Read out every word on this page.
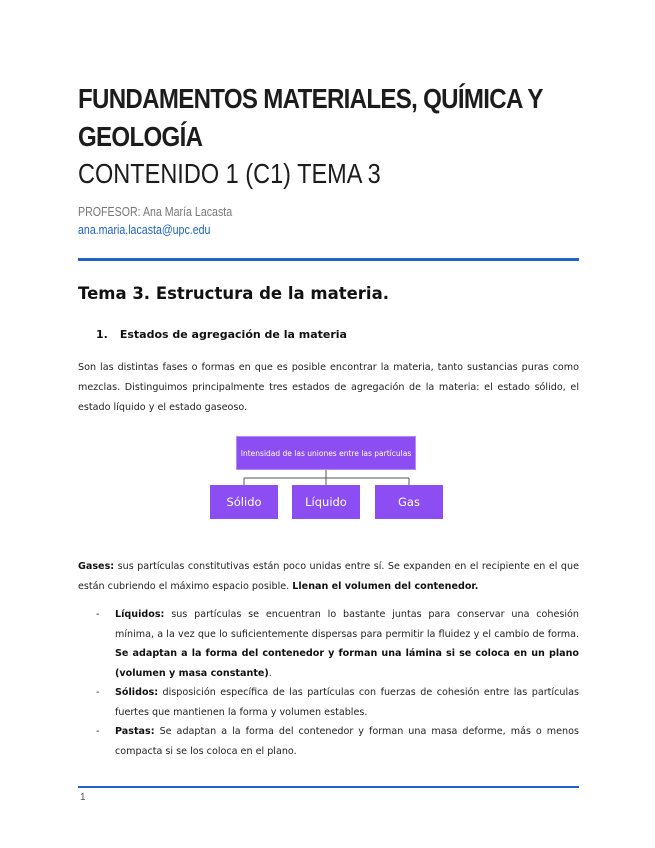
FUNDAMENTOS MATERIALES, QUÍMICA Y GEOLOGÍA
CONTENIDO 1 (C1) TEMA 3
PROFESOR: Ana María Lacasta
ana.maria.lacasta@upc.edu
Tema 3. Estructura de la materia.
1. Estados de agregación de la materia

Son las distintas fases o formas en que es posible encontrar la materia, tanto sustancias puras como mezclas. Distinguimos principalmente tres estados de agregación de la materia: el estado sólido, el estado líquido y el estado gaseoso.

Intensidad de las uniones entre las partículas
Sólido	Líquido	Gas

Gases: sus partículas constitutivas están poco unidas entre sí. Se expanden en el recipiente en el que están cubriendo el máximo espacio posible. Llenan el volumen del contenedor.

- Líquidos: sus partículas se encuentran lo bastante juntas para conservar una cohesión mínima, a la vez que lo suficientemente dispersas para permitir la fluidez y el cambio de forma. Se adaptan a la forma del contenedor y forman una lámina si se coloca en un plano (volumen y masa constante).
- Sólidos: disposición específica de las partículas con fuerzas de cohesión entre las partículas fuertes que mantienen la forma y volumen estables.
- Pastas: Se adaptan a la forma del contenedor y forman una masa deforme, más o menos compacta si se los coloca en el plano.
1
